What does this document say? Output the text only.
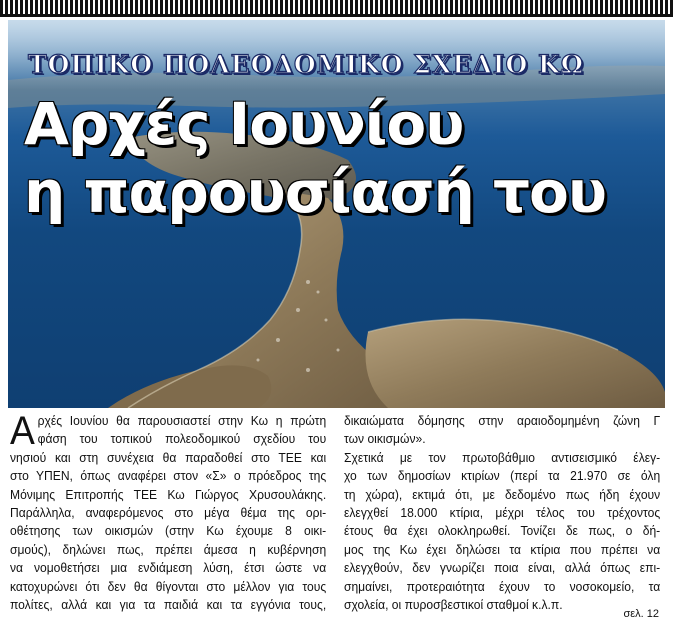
ΤΟΠΙΚΟ ΠΟΛΕΟΔΟΜΙΚΟ ΣΧΕΔΙΟ ΚΩ
Αρχές Ιουνίου
η παρουσίασή του
Α ρχές Ιουνίου θα παρουσιαστεί στην Κω η πρώτη
φάση του τοπικού πολεοδομικού σχεδίου του
νησιού και στη συνέχεια θα παραδοθεί στο ΤΕΕ και
στο ΥΠΕΝ, όπως αναφέρει στον «Σ» ο πρόεδρος της
Μόνιμης Επιτροπής ΤΕΕ Κω Γιώργος Χρυσουλάκης.
Παράλληλα, αναφερόμενος στο μέγα θέμα της ορι-
οθέτησης των οικισμών (στην Κω έχουμε 8 οικι-
σμούς), δηλώνει πως, πρέπει άμεσα η κυβέρνηση
να νομοθετήσει μια ενδιάμεση λύση, έτσι ώστε να
κατοχυρώνει ότι δεν θα θίγονται στο μέλλον για τους
πολίτες, αλλά και για τα παιδιά και τα εγγόνια τους,
δικαιώματα δόμησης στην αραιοδομημένη ζώνη Γ
των οικισμών».
Σχετικά με τον πρωτοβάθμιο αντισεισμικό έλεγ-
χο των δημοσίων κτιρίων (περί τα 21.970 σε όλη
τη χώρα), εκτιμά ότι, με δεδομένο πως ήδη έχουν
ελεγχθεί 18.000 κτίρια, μέχρι τέλος του τρέχοντος
έτους θα έχει ολοκληρωθεί. Τονίζει δε πως, ο δή-
μος της Κω έχει δηλώσει τα κτίρια που πρέπει να
ελεγχθούν, δεν γνωρίζει ποια είναι, αλλά όπως επι-
σημαίνει, προτεραιότητα έχουν το νοσοκομείο, τα
σχολεία, οι πυροσβεστικοί σταθμοί κ.λ.π.
σελ. 12
